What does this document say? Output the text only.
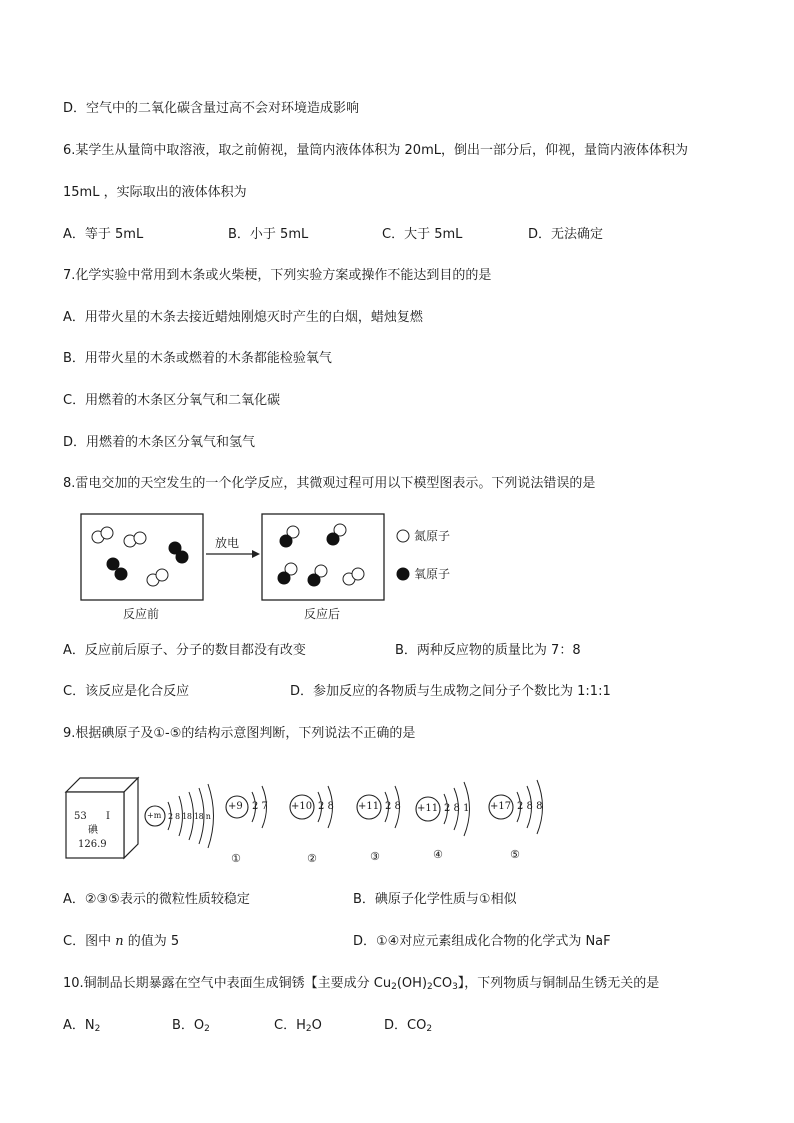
D．空气中的二氧化碳含量过高不会对环境造成影响
6.某学生从量筒中取溶液，取之前俯视，量筒内液体体积为 20mL，倒出一部分后，仰视，量筒内液体体积为
15mL ，实际取出的液体体积为
A．等于 5mL	B．小于 5mL	C．大于 5mL	D．无法确定
7.化学实验中常用到木条或火柴梗，下列实验方案或操作不能达到目的的是
A．用带火星的木条去接近蜡烛刚熄灭时产生的白烟，蜡烛复燃
B．用带火星的木条或燃着的木条都能检验氧气
C．用燃着的木条区分氧气和二氧化碳
D．用燃着的木条区分氧气和氢气
8.雷电交加的天空发生的一个化学反应，其微观过程可用以下模型图表示。下列说法错误的是
放电
反应前	反应后
氮原子
氧原子
A．反应前后原子、分子的数目都没有改变	B．两种反应物的质量比为 7：8
C．该反应是化合反应	D．参加反应的各物质与生成物之间分子个数比为 1:1:1
9.根据碘原子及①-⑤的结构示意图判断，下列说法不正确的是
53 I
碘
126.9
+m 2 8 18 18 n
+9 2 7
①
+10 2 8
②
+11 2 8
③
+11 2 8 1
④
+17 2 8 8
⑤
A．②③⑤表示的微粒性质较稳定	B．碘原子化学性质与①相似
C．图中 n 的值为 5	D．①④对应元素组成化合物的化学式为 NaF
10.铜制品长期暴露在空气中表面生成铜锈【主要成分 $Cu_2(OH)_2CO_3$】，下列物质与铜制品生锈无关的是
A．$N_2$	B．$O_2$	C．$H_2O$	D．$CO_2$
